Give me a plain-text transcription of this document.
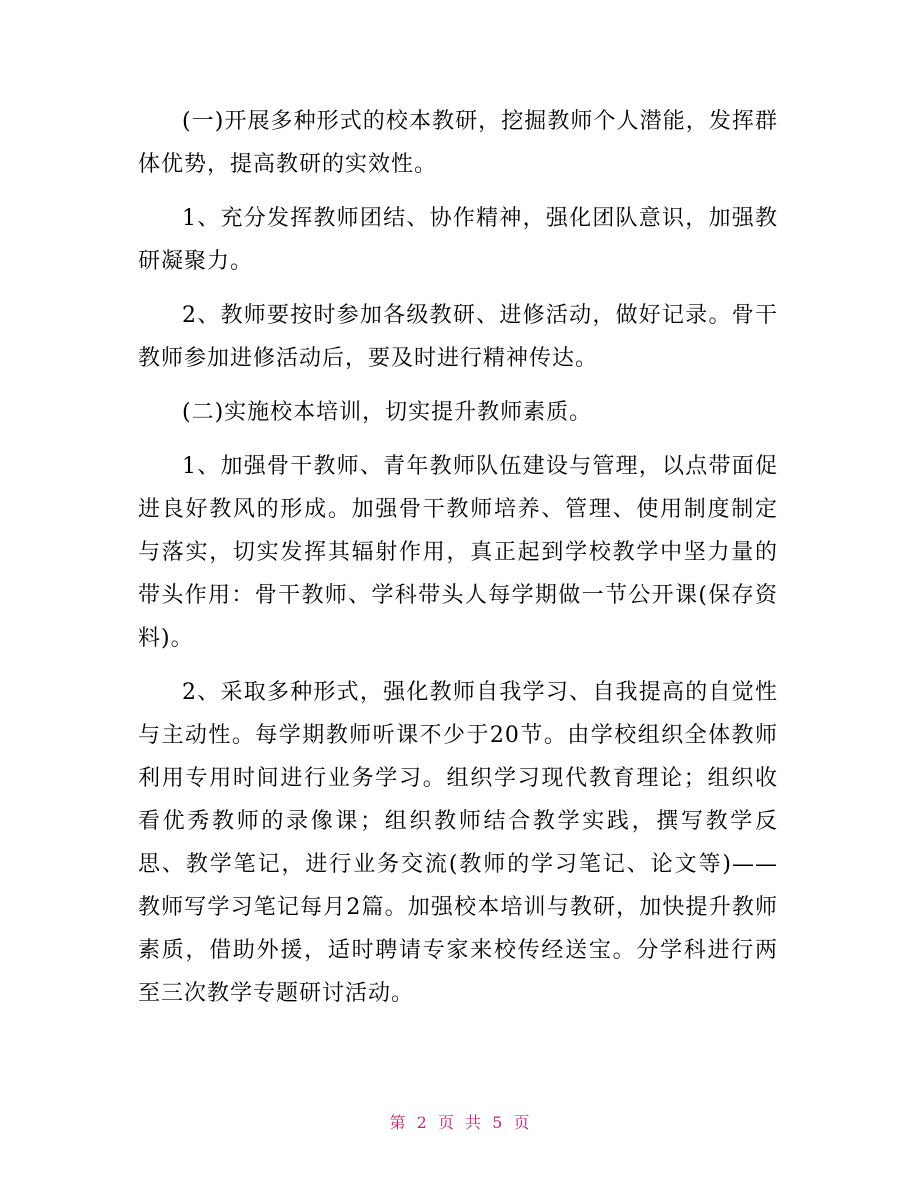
(一)开展多种形式的校本教研，挖掘教师个人潜能，发挥群体优势，提高教研的实效性。

1、充分发挥教师团结、协作精神，强化团队意识，加强教研凝聚力。

2、教师要按时参加各级教研、进修活动，做好记录。骨干教师参加进修活动后，要及时进行精神传达。

(二)实施校本培训，切实提升教师素质。

1、加强骨干教师、青年教师队伍建设与管理，以点带面促进良好教风的形成。加强骨干教师培养、管理、使用制度制定与落实，切实发挥其辐射作用，真正起到学校教学中坚力量的带头作用：骨干教师、学科带头人每学期做一节公开课(保存资料)。

2、采取多种形式，强化教师自我学习、自我提高的自觉性与主动性。每学期教师听课不少于20节。由学校组织全体教师利用专用时间进行业务学习。组织学习现代教育理论；组织收看优秀教师的录像课；组织教师结合教学实践，撰写教学反思、教学笔记，进行业务交流(教师的学习笔记、论文等)——教师写学习笔记每月2篇。加强校本培训与教研，加快提升教师素质，借助外援，适时聘请专家来校传经送宝。分学科进行两至三次教学专题研讨活动。

第 2 页 共 5 页
